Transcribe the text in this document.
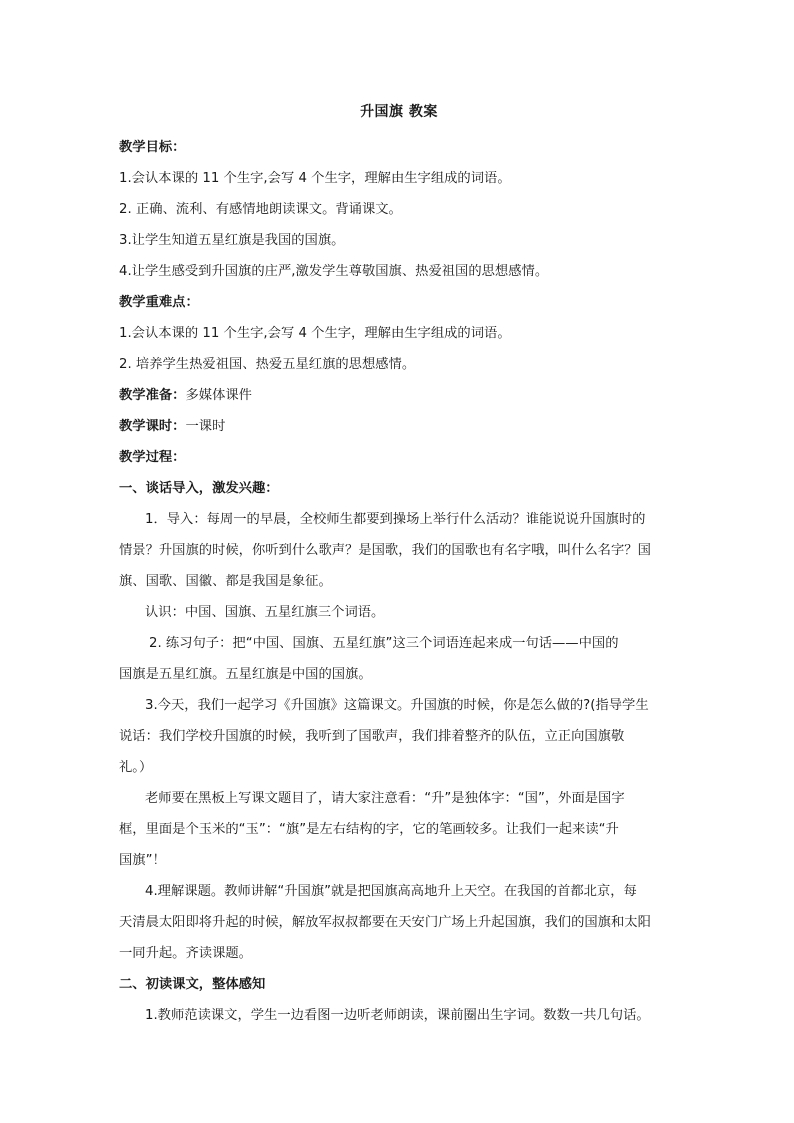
升国旗 教案
教学目标：
1.会认本课的 11 个生字,会写 4 个生字，理解由生字组成的词语。
2. 正确、流利、有感情地朗读课文。背诵课文。
3.让学生知道五星红旗是我国的国旗。
4.让学生感受到升国旗的庄严,激发学生尊敬国旗、热爱祖国的思想感情。
教学重难点：
1.会认本课的 11 个生字,会写 4 个生字，理解由生字组成的词语。
2. 培养学生热爱祖国、热爱五星红旗的思想感情。
教学准备：多媒体课件
教学课时：一课时
教学过程：
一、谈话导入，激发兴趣：
1．导入：每周一的早晨，全校师生都要到操场上举行什么活动？谁能说说升国旗时的
情景？升国旗的时候，你听到什么歌声？是国歌，我们的国歌也有名字哦，叫什么名字？国
旗、国歌、国徽、都是我国是象征。
认识：中国、国旗、五星红旗三个词语。
2. 练习句子：把“中国、国旗、五星红旗”这三个词语连起来成一句话——中国的
国旗是五星红旗。五星红旗是中国的国旗。
3.今天，我们一起学习《升国旗》这篇课文。升国旗的时候，你是怎么做的?(指导学生
说话：我们学校升国旗的时候，我听到了国歌声，我们排着整齐的队伍，立正向国旗敬
礼。）
老师要在黑板上写课文题目了，请大家注意看：“升”是独体字：“国”，外面是国字
框，里面是个玉米的“玉”：“旗”是左右结构的字，它的笔画较多。让我们一起来读“升
国旗”！
4.理解课题。教师讲解“升国旗”就是把国旗高高地升上天空。在我国的首都北京，每
天清晨太阳即将升起的时候，解放军叔叔都要在天安门广场上升起国旗，我们的国旗和太阳
一同升起。齐读课题。
二、初读课文，整体感知
1.教师范读课文，学生一边看图一边听老师朗读，课前圈出生字词。数数一共几句话。
